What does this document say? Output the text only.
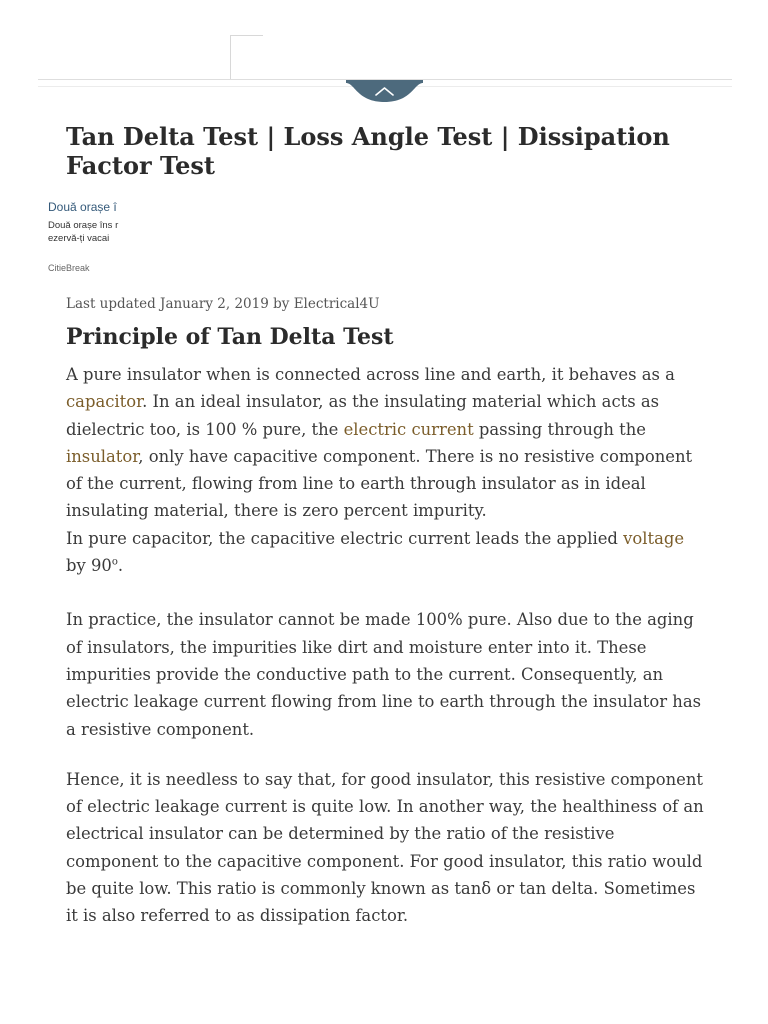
Tan Delta Test | Loss Angle Test | Dissipation Factor Test
Două orașe î
Două orașe îns rezervă-ți vacai
CitieBreak
Last updated January 2, 2019 by Electrical4U
Principle of Tan Delta Test

A pure insulator when is connected across line and earth, it behaves as a capacitor. In an ideal insulator, as the insulating material which acts as dielectric too, is 100 % pure, the electric current passing through the insulator, only have capacitive component. There is no resistive component of the current, flowing from line to earth through insulator as in ideal insulating material, there is zero percent impurity.

In pure capacitor, the capacitive electric current leads the applied voltage by 90$^o$.

In practice, the insulator cannot be made 100% pure. Also due to the aging of insulators, the impurities like dirt and moisture enter into it. These impurities provide the conductive path to the current. Consequently, an electric leakage current flowing from line to earth through the insulator has a resistive component.

Hence, it is needless to say that, for good insulator, this resistive component of electric leakage current is quite low. In another way, the healthiness of an electrical insulator can be determined by the ratio of the resistive component to the capacitive component. For good insulator, this ratio would be quite low. This ratio is commonly known as tanδ or tan delta. Sometimes it is also referred to as dissipation factor.
